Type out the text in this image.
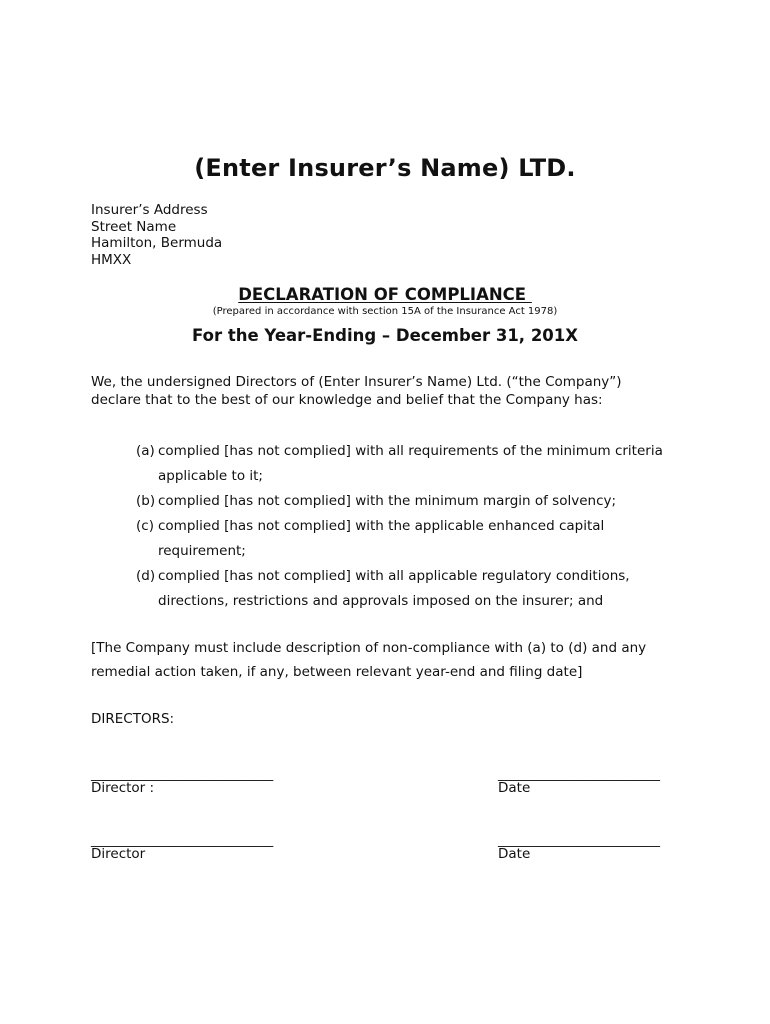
(Enter Insurer’s Name) LTD.
Insurer’s Address
Street Name
Hamilton, Bermuda
HMXX
DECLARATION OF COMPLIANCE
(Prepared in accordance with section 15A of the Insurance Act 1978)
For the Year-Ending – December 31, 201X
We, the undersigned Directors of (Enter Insurer’s Name) Ltd. (“the Company”)
declare that to the best of our knowledge and belief that the Company has:
(a) complied [has not complied] with all requirements of the minimum criteria
applicable to it;
(b) complied [has not complied] with the minimum margin of solvency;
(c) complied [has not complied] with the applicable enhanced capital
requirement;
(d) complied [has not complied] with all applicable regulatory conditions,
directions, restrictions and approvals imposed on the insurer; and
[The Company must include description of non-compliance with (a) to (d) and any
remedial action taken, if any, between relevant year-end and filing date]
DIRECTORS:
___________________________
Director :
________________________
Date
___________________________
Director
________________________
Date
